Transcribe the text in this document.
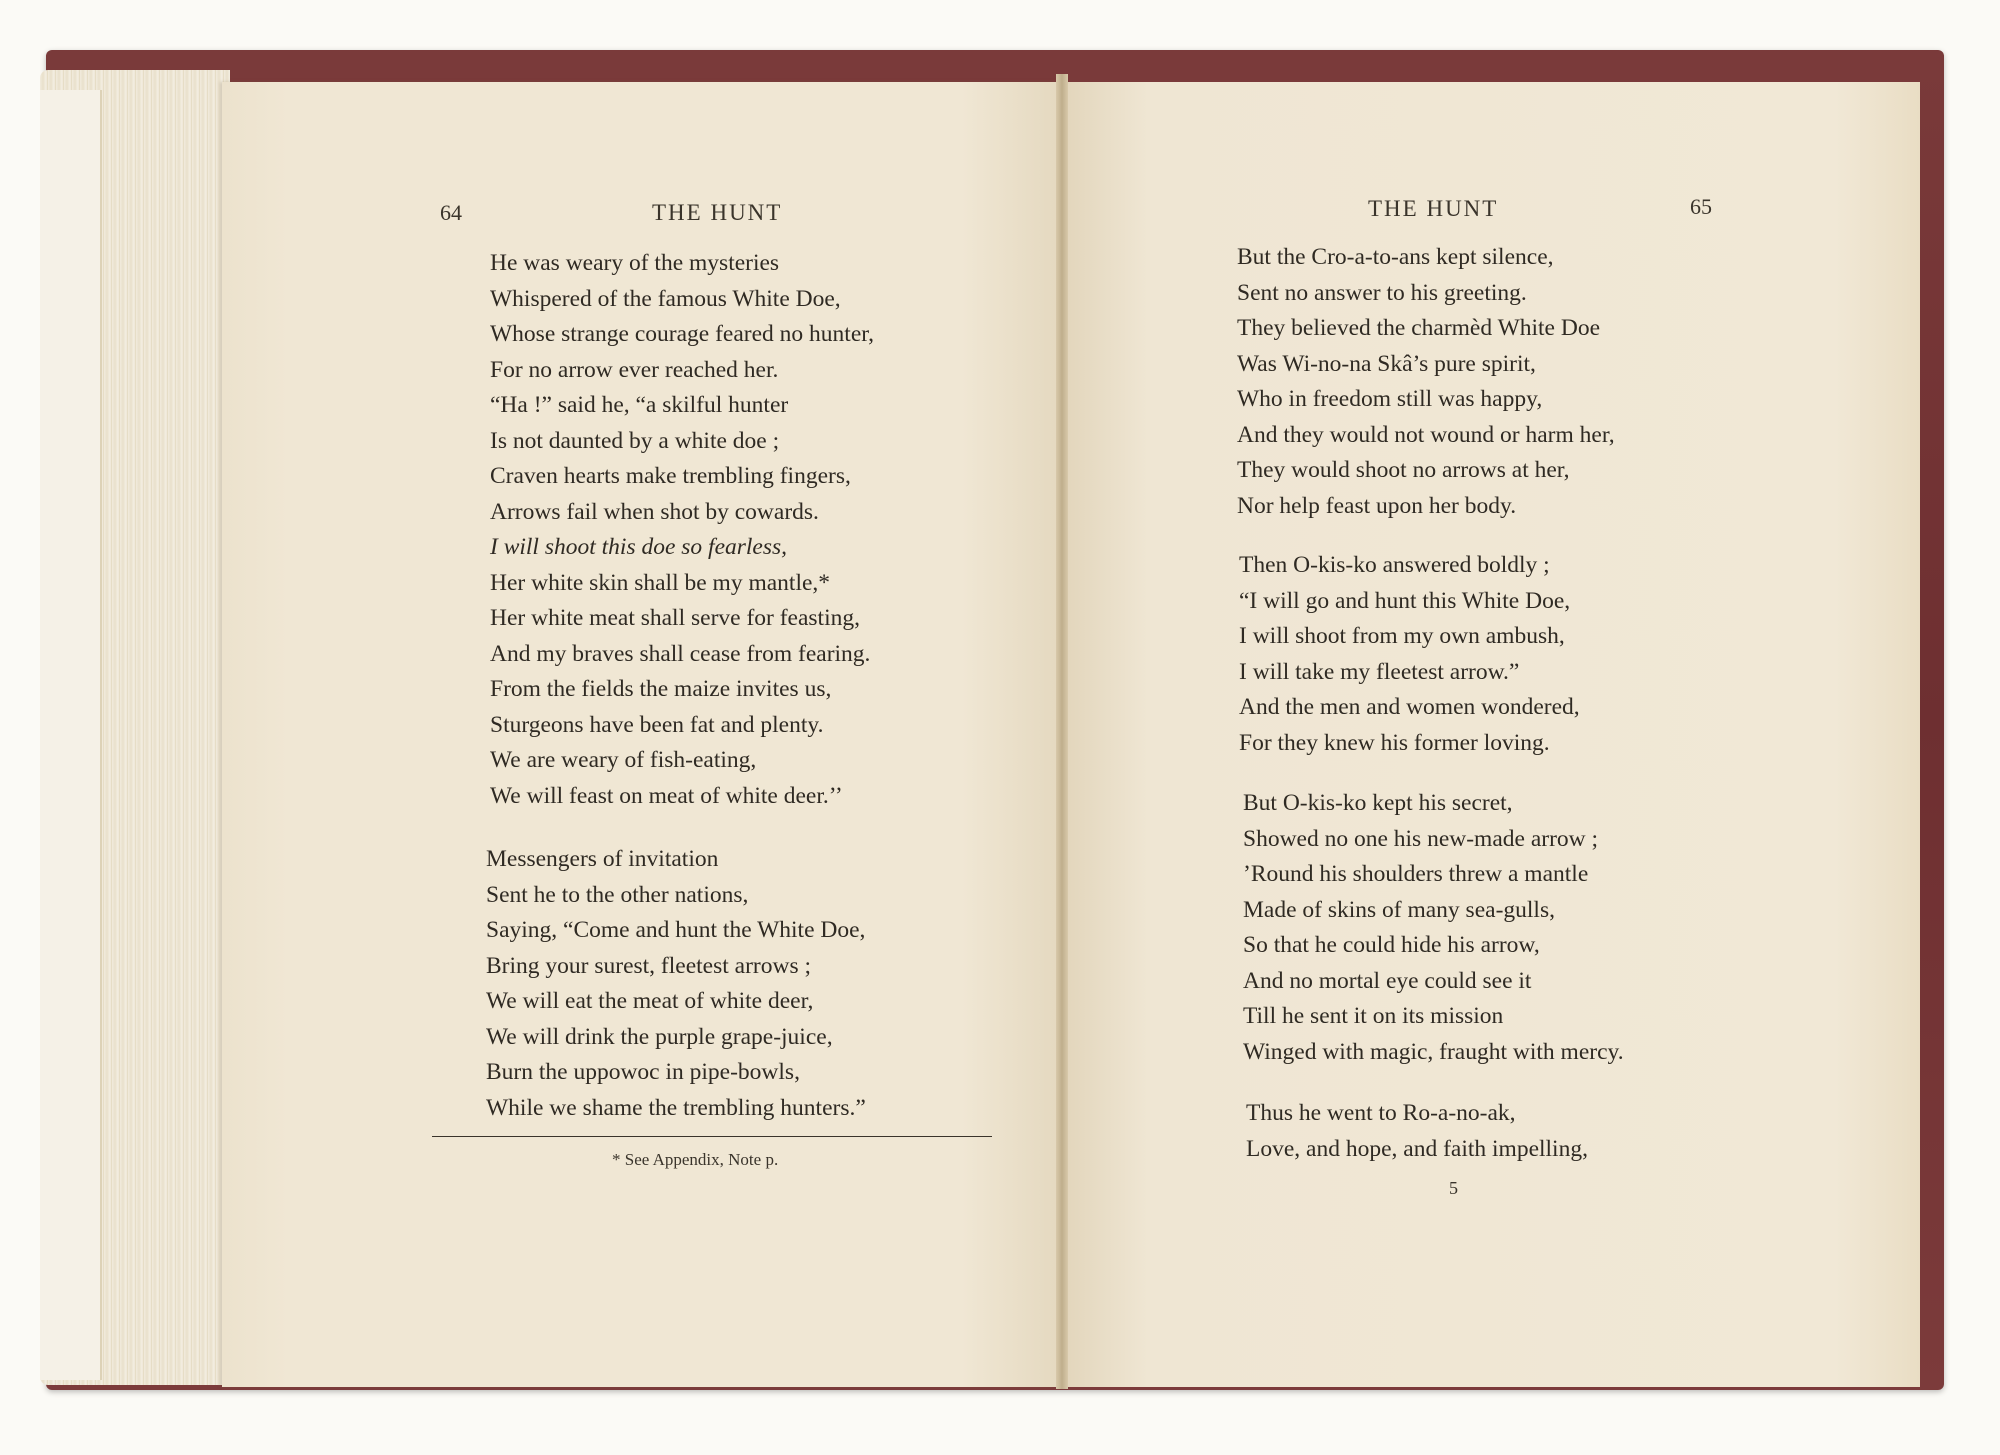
64	THE HUNT
He was weary of the mysteries
Whispered of the famous White Doe,
Whose strange courage feared no hunter,
For no arrow ever reached her.
“Ha !” said he, “a skilful hunter
Is not daunted by a white doe ;
Craven hearts make trembling fingers,
Arrows fail when shot by cowards.
I will shoot this doe so fearless,
Her white skin shall be my mantle,*
Her white meat shall serve for feasting,
And my braves shall cease from fearing.
From the fields the maize invites us,
Sturgeons have been fat and plenty.
We are weary of fish-eating,
We will feast on meat of white deer.’’
Messengers of invitation
Sent he to the other nations,
Saying, “Come and hunt the White Doe,
Bring your surest, fleetest arrows ;
We will eat the meat of white deer,
We will drink the purple grape-juice,
Burn the uppowoc in pipe-bowls,
While we shame the trembling hunters.”
* See Appendix, Note p.
THE HUNT	65
But the Cro-a-to-ans kept silence,
Sent no answer to his greeting.
They believed the charmèd White Doe
Was Wi-no-na Skâ’s pure spirit,
Who in freedom still was happy,
And they would not wound or harm her,
They would shoot no arrows at her,
Nor help feast upon her body.
Then O-kis-ko answered boldly ;
“I will go and hunt this White Doe,
I will shoot from my own ambush,
I will take my fleetest arrow.”
And the men and women wondered,
For they knew his former loving.
But O-kis-ko kept his secret,
Showed no one his new-made arrow ;
’Round his shoulders threw a mantle
Made of skins of many sea-gulls,
So that he could hide his arrow,
And no mortal eye could see it
Till he sent it on its mission
Winged with magic, fraught with mercy.
Thus he went to Ro-a-no-ak,
Love, and hope, and faith impelling,
5
